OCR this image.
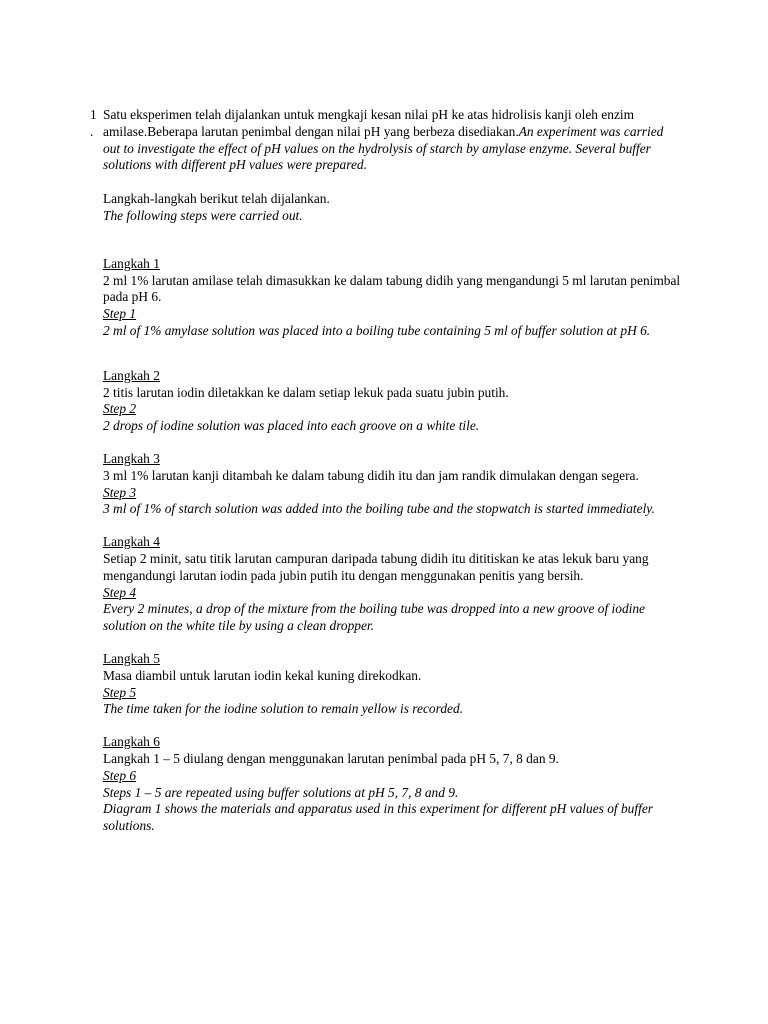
1
.

Satu eksperimen telah dijalankan untuk mengkaji kesan nilai pH ke atas hidrolisis kanji oleh enzim amilase.Beberapa larutan penimbal dengan nilai pH yang berbeza disediakan.An experiment was carried out to investigate the effect of pH values on the hydrolysis of starch by amylase enzyme. Several buffer solutions with different pH values were prepared.

Langkah-langkah berikut telah dijalankan.

The following steps were carried out.

Langkah 1

2 ml 1% larutan amilase telah dimasukkan ke dalam tabung didih yang mengandungi 5 ml larutan penimbal pada pH 6.

Step 1

2 ml of 1% amylase solution was placed into a boiling tube containing 5 ml of buffer solution at pH 6.

Langkah 2

2 titis larutan iodin diletakkan ke dalam setiap lekuk pada suatu jubin putih.

Step 2

2 drops of iodine solution was placed into each groove on a white tile.

Langkah 3

3 ml 1% larutan kanji ditambah ke dalam tabung didih itu dan jam randik dimulakan dengan segera.

Step 3

3 ml of 1% of starch solution was added into the boiling tube and the stopwatch is started immediately.

Langkah 4

Setiap 2 minit, satu titik larutan campuran daripada tabung didih itu dititiskan ke atas lekuk baru yang mengandungi larutan iodin pada jubin putih itu dengan menggunakan penitis yang bersih.

Step 4

Every 2 minutes, a drop of the mixture from the boiling tube was dropped into a new groove of iodine solution on the white tile by using a clean dropper.

Langkah 5

Masa diambil untuk larutan iodin kekal kuning direkodkan.

Step 5

The time taken for the iodine solution to remain yellow is recorded.

Langkah 6

Langkah 1 – 5 diulang dengan menggunakan larutan penimbal pada pH 5, 7, 8 dan 9.

Step 6

Steps 1 – 5 are repeated using buffer solutions at pH 5, 7, 8 and 9.

Diagram 1 shows the materials and apparatus used in this experiment for different pH values of buffer solutions.
